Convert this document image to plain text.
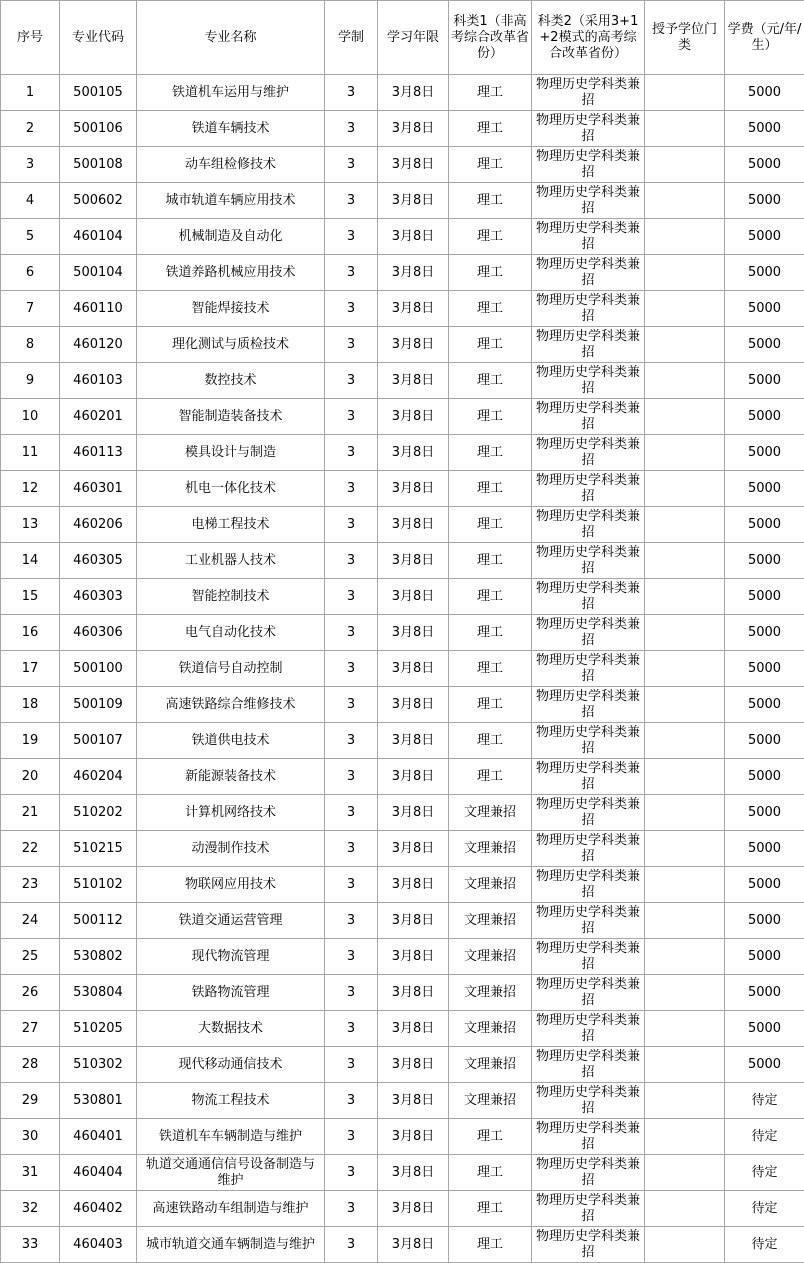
序号	专业代码	专业名称	学制	学习年限	科类1（非高考综合改革省份）	科类2（采用3+1+2模式的高考综合改革省份）	授予学位门类	学费（元/年/生）
1	500105	铁道机车运用与维护	3	3月8日	理工	物理历史学科类兼招		5000
2	500106	铁道车辆技术	3	3月8日	理工	物理历史学科类兼招		5000
3	500108	动车组检修技术	3	3月8日	理工	物理历史学科类兼招		5000
4	500602	城市轨道车辆应用技术	3	3月8日	理工	物理历史学科类兼招		5000
5	460104	机械制造及自动化	3	3月8日	理工	物理历史学科类兼招		5000
6	500104	铁道养路机械应用技术	3	3月8日	理工	物理历史学科类兼招		5000
7	460110	智能焊接技术	3	3月8日	理工	物理历史学科类兼招		5000
8	460120	理化测试与质检技术	3	3月8日	理工	物理历史学科类兼招		5000
9	460103	数控技术	3	3月8日	理工	物理历史学科类兼招		5000
10	460201	智能制造装备技术	3	3月8日	理工	物理历史学科类兼招		5000
11	460113	模具设计与制造	3	3月8日	理工	物理历史学科类兼招		5000
12	460301	机电一体化技术	3	3月8日	理工	物理历史学科类兼招		5000
13	460206	电梯工程技术	3	3月8日	理工	物理历史学科类兼招		5000
14	460305	工业机器人技术	3	3月8日	理工	物理历史学科类兼招		5000
15	460303	智能控制技术	3	3月8日	理工	物理历史学科类兼招		5000
16	460306	电气自动化技术	3	3月8日	理工	物理历史学科类兼招		5000
17	500100	铁道信号自动控制	3	3月8日	理工	物理历史学科类兼招		5000
18	500109	高速铁路综合维修技术	3	3月8日	理工	物理历史学科类兼招		5000
19	500107	铁道供电技术	3	3月8日	理工	物理历史学科类兼招		5000
20	460204	新能源装备技术	3	3月8日	理工	物理历史学科类兼招		5000
21	510202	计算机网络技术	3	3月8日	文理兼招	物理历史学科类兼招		5000
22	510215	动漫制作技术	3	3月8日	文理兼招	物理历史学科类兼招		5000
23	510102	物联网应用技术	3	3月8日	文理兼招	物理历史学科类兼招		5000
24	500112	铁道交通运营管理	3	3月8日	文理兼招	物理历史学科类兼招		5000
25	530802	现代物流管理	3	3月8日	文理兼招	物理历史学科类兼招		5000
26	530804	铁路物流管理	3	3月8日	文理兼招	物理历史学科类兼招		5000
27	510205	大数据技术	3	3月8日	文理兼招	物理历史学科类兼招		5000
28	510302	现代移动通信技术	3	3月8日	文理兼招	物理历史学科类兼招		5000
29	530801	物流工程技术	3	3月8日	文理兼招	物理历史学科类兼招		待定
30	460401	铁道机车车辆制造与维护	3	3月8日	理工	物理历史学科类兼招		待定
31	460404	轨道交通通信信号设备制造与维护	3	3月8日	理工	物理历史学科类兼招		待定
32	460402	高速铁路动车组制造与维护	3	3月8日	理工	物理历史学科类兼招		待定
33	460403	城市轨道交通车辆制造与维护	3	3月8日	理工	物理历史学科类兼招		待定
